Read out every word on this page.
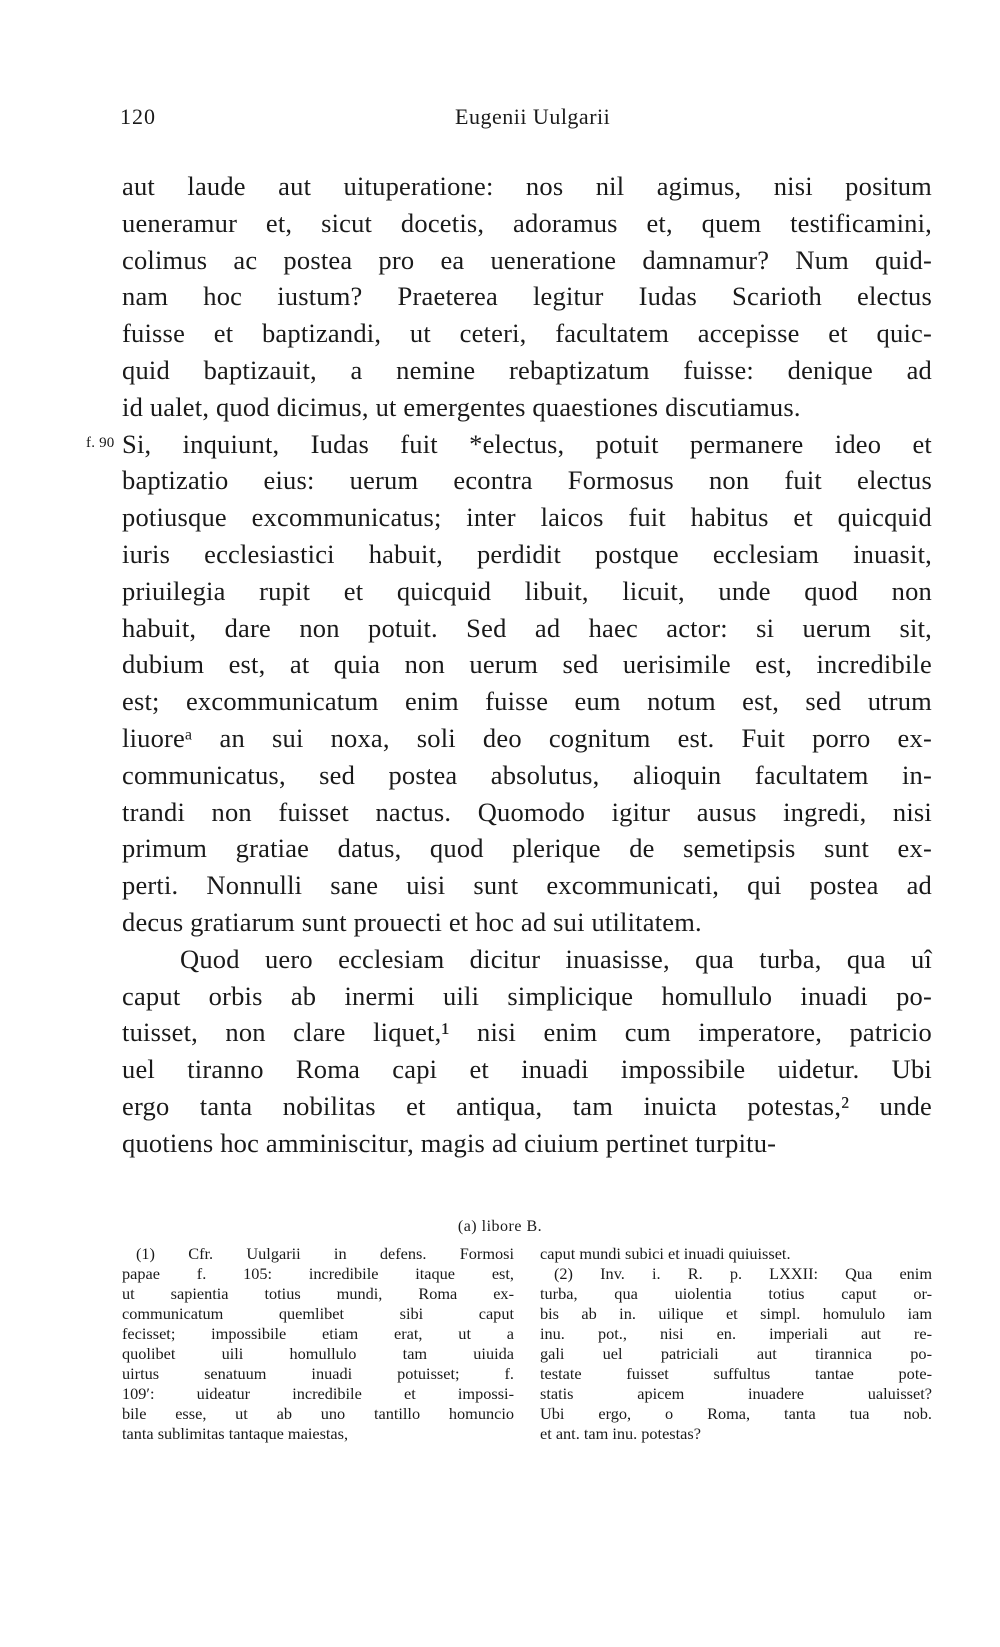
120	Eugenii Uulgarii
aut laude aut uituperatione: nos nil agimus, nisi positum
ueneramur et, sicut docetis, adoramus et, quem testificamini,
colimus ac postea pro ea ueneratione damnamur? Num quid-
nam hoc iustum? Praeterea legitur Iudas Scarioth electus
fuisse et baptizandi, ut ceteri, facultatem accepisse et quic-
quid baptizauit, a nemine rebaptizatum fuisse: denique ad
id ualet, quod dicimus, ut emergentes quaestiones discutiamus.
Si, inquiunt, Iudas fuit *electus, potuit permanere ideo et
f. 90
baptizatio eius: uerum econtra Formosus non fuit electus
potiusque excommunicatus; inter laicos fuit habitus et quicquid
iuris ecclesiastici habuit, perdidit postque ecclesiam inuasit,
priuilegia rupit et quicquid libuit, licuit, unde quod non
habuit, dare non potuit. Sed ad haec actor: si uerum sit,
dubium est, at quia non uerum sed uerisimile est, incredibile
est; excommunicatum enim fuisse eum notum est, sed utrum
liuoreᵃ an sui noxa, soli deo cognitum est. Fuit porro ex-
communicatus, sed postea absolutus, alioquin facultatem in-
trandi non fuisset nactus. Quomodo igitur ausus ingredi, nisi
primum gratiae datus, quod plerique de semetipsis sunt ex-
perti. Nonnulli sane uisi sunt excommunicati, qui postea ad
decus gratiarum sunt prouecti et hoc ad sui utilitatem.
Quod uero ecclesiam dicitur inuasisse, qua turba, qua uî
caput orbis ab inermi uili simplicique homullulo inuadi po-
tuisset, non clare liquet,¹ nisi enim cum imperatore, patricio
uel tiranno Roma capi et inuadi impossibile uidetur. Ubi
ergo tanta nobilitas et antiqua, tam inuicta potestas,² unde
quotiens hoc amminiscitur, magis ad ciuium pertinet turpitu-
(a) libore B.
(1) Cfr. Uulgarii in defens. Formosi
papae f. 105: incredibile itaque est,
ut sapientia totius mundi, Roma ex-
communicatum quemlibet sibi caput
fecisset; impossibile etiam erat, ut a
quolibet uili homullulo tam uiuida
uirtus senatuum inuadi potuisset; f.
109′: uideatur incredibile et impossi-
bile esse, ut ab uno tantillo homuncio
tanta sublimitas tantaque maiestas,
caput mundi subici et inuadi quiuisset.
(2) Inv. i. R. p. LXXII: Qua enim
turba, qua uiolentia totius caput or-
bis ab in. uilique et simpl. homululo iam
inu. pot., nisi en. imperiali aut re-
gali uel patriciali aut tirannica po-
testate fuisset suffultus tantae pote-
statis apicem inuadere ualuisset?
Ubi ergo, o Roma, tanta tua nob.
et ant. tam inu. potestas?
